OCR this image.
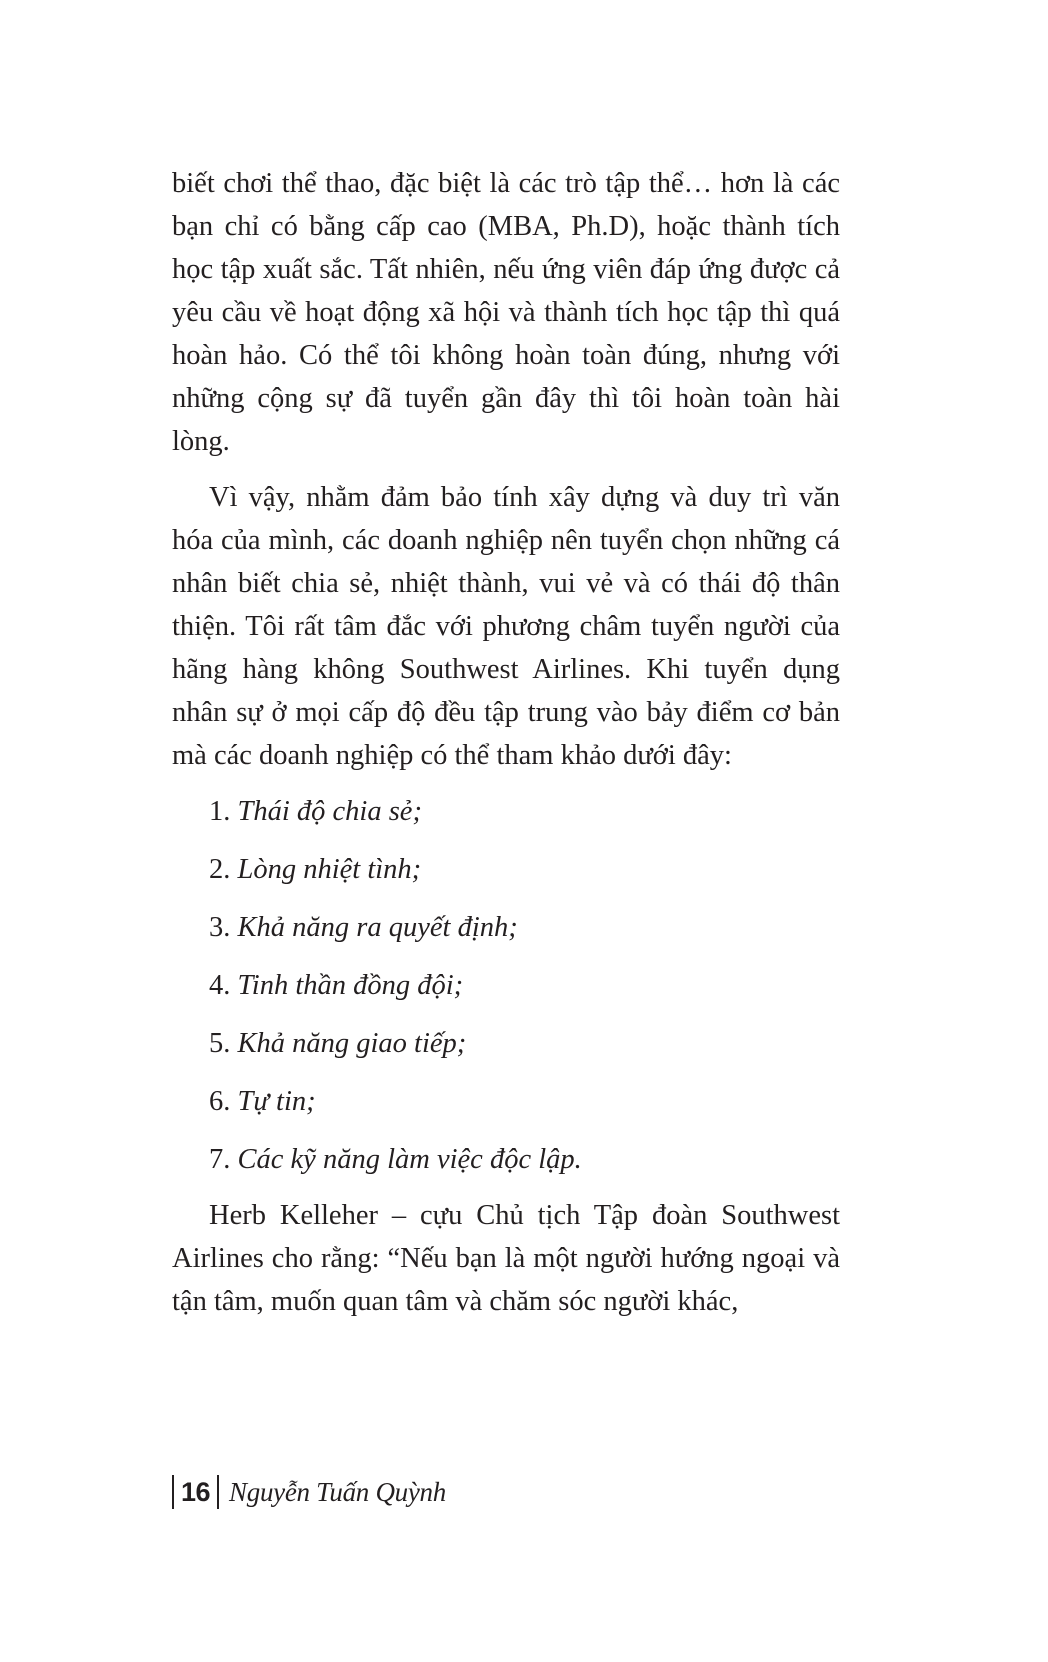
biết chơi thể thao, đặc biệt là các trò tập thể… hơn là các bạn chỉ có bằng cấp cao (MBA, Ph.D), hoặc thành tích học tập xuất sắc. Tất nhiên, nếu ứng viên đáp ứng được cả yêu cầu về hoạt động xã hội và thành tích học tập thì quá hoàn hảo. Có thể tôi không hoàn toàn đúng, nhưng với những cộng sự đã tuyển gần đây thì tôi hoàn toàn hài lòng.

Vì vậy, nhằm đảm bảo tính xây dựng và duy trì văn hóa của mình, các doanh nghiệp nên tuyển chọn những cá nhân biết chia sẻ, nhiệt thành, vui vẻ và có thái độ thân thiện. Tôi rất tâm đắc với phương châm tuyển người của hãng hàng không Southwest Airlines. Khi tuyển dụng nhân sự ở mọi cấp độ đều tập trung vào bảy điểm cơ bản mà các doanh nghiệp có thể tham khảo dưới đây:

1. Thái độ chia sẻ;
2. Lòng nhiệt tình;
3. Khả năng ra quyết định;
4. Tinh thần đồng đội;
5. Khả năng giao tiếp;
6. Tự tin;
7. Các kỹ năng làm việc độc lập.

Herb Kelleher – cựu Chủ tịch Tập đoàn Southwest Airlines cho rằng: “Nếu bạn là một người hướng ngoại và tận tâm, muốn quan tâm và chăm sóc người khác,

16 Nguyễn Tuấn Quỳnh
